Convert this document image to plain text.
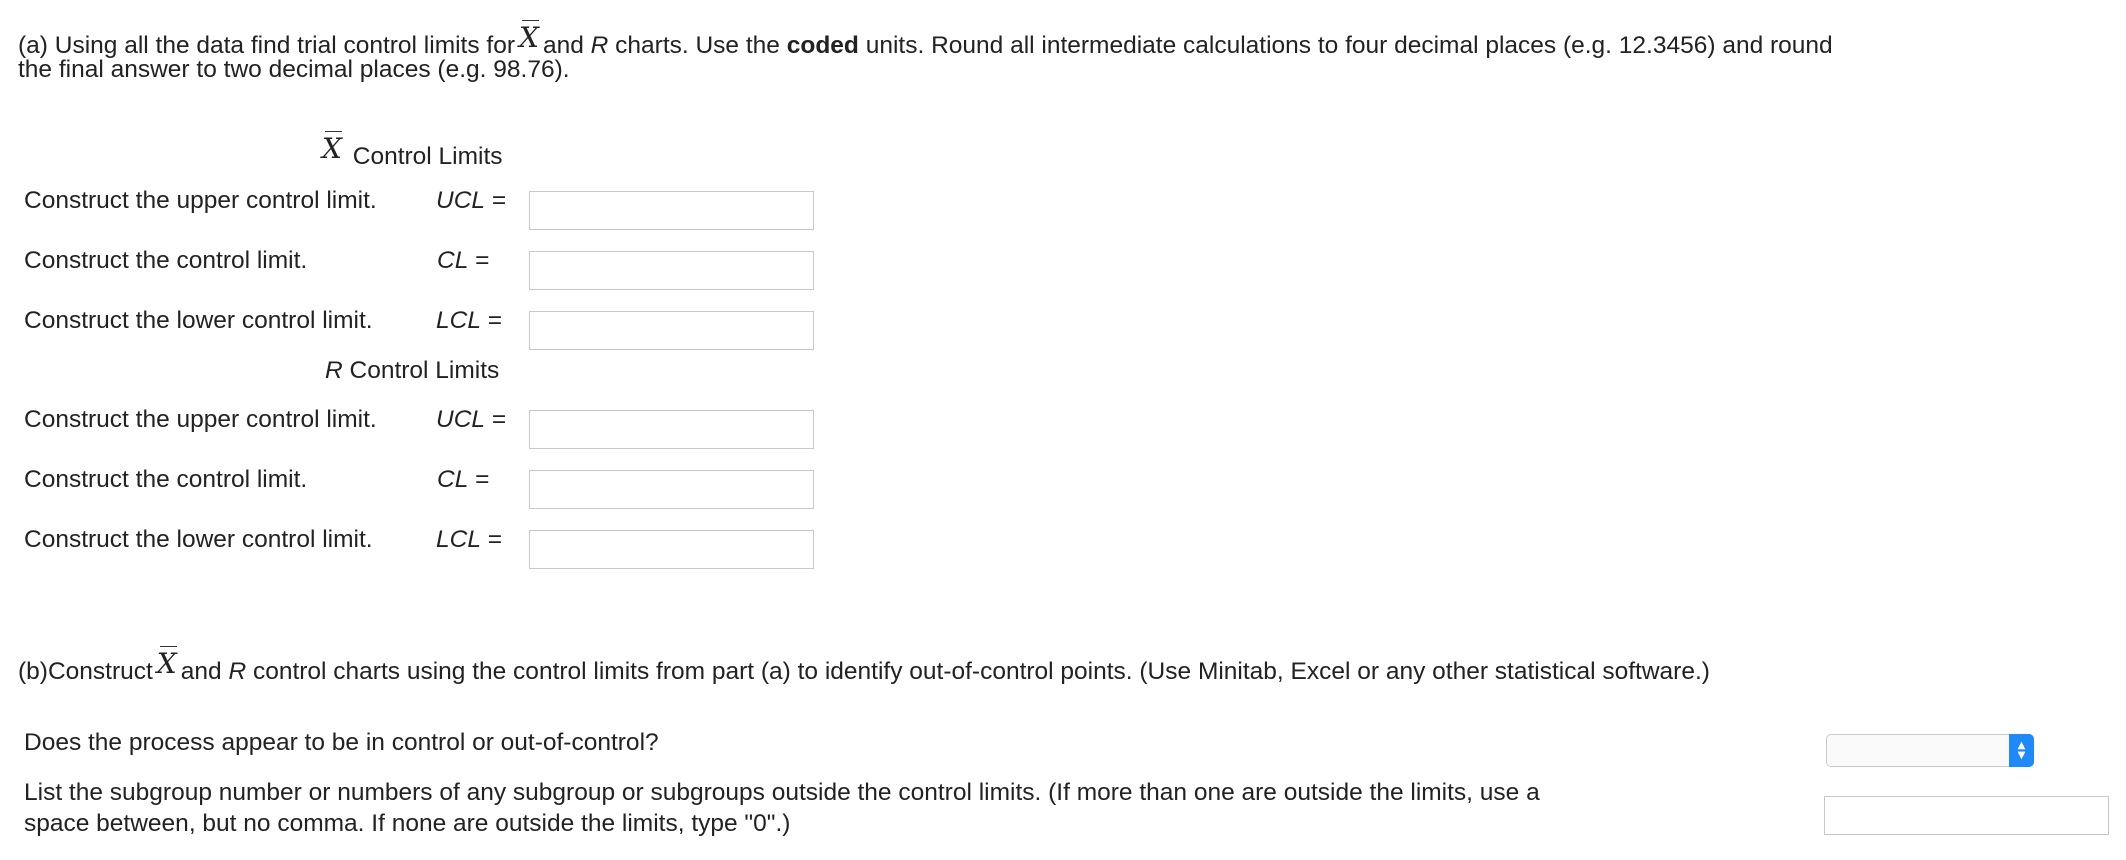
(a) Using all the data find trial control limits for X and R charts. Use the coded units. Round all intermediate calculations to four decimal places (e.g. 12.3456) and round
the final answer to two decimal places (e.g. 98.76).
X Control Limits
Construct the upper control limit. UCL =
Construct the control limit.	CL =
Construct the lower control limit.	LCL =
R Control Limits
Construct the upper control limit. UCL =
Construct the control limit.	CL =
Construct the lower control limit.	LCL =
(b)Construct X and R control charts using the control limits from part (a) to identify out-of-control points. (Use Minitab, Excel or any other statistical software.)
Does the process appear to be in control or out-of-control?	▲
▼
List the subgroup number or numbers of any subgroup or subgroups outside the control limits. (If more than one are outside the limits, use a
space between, but no comma. If none are outside the limits, type "0".)
